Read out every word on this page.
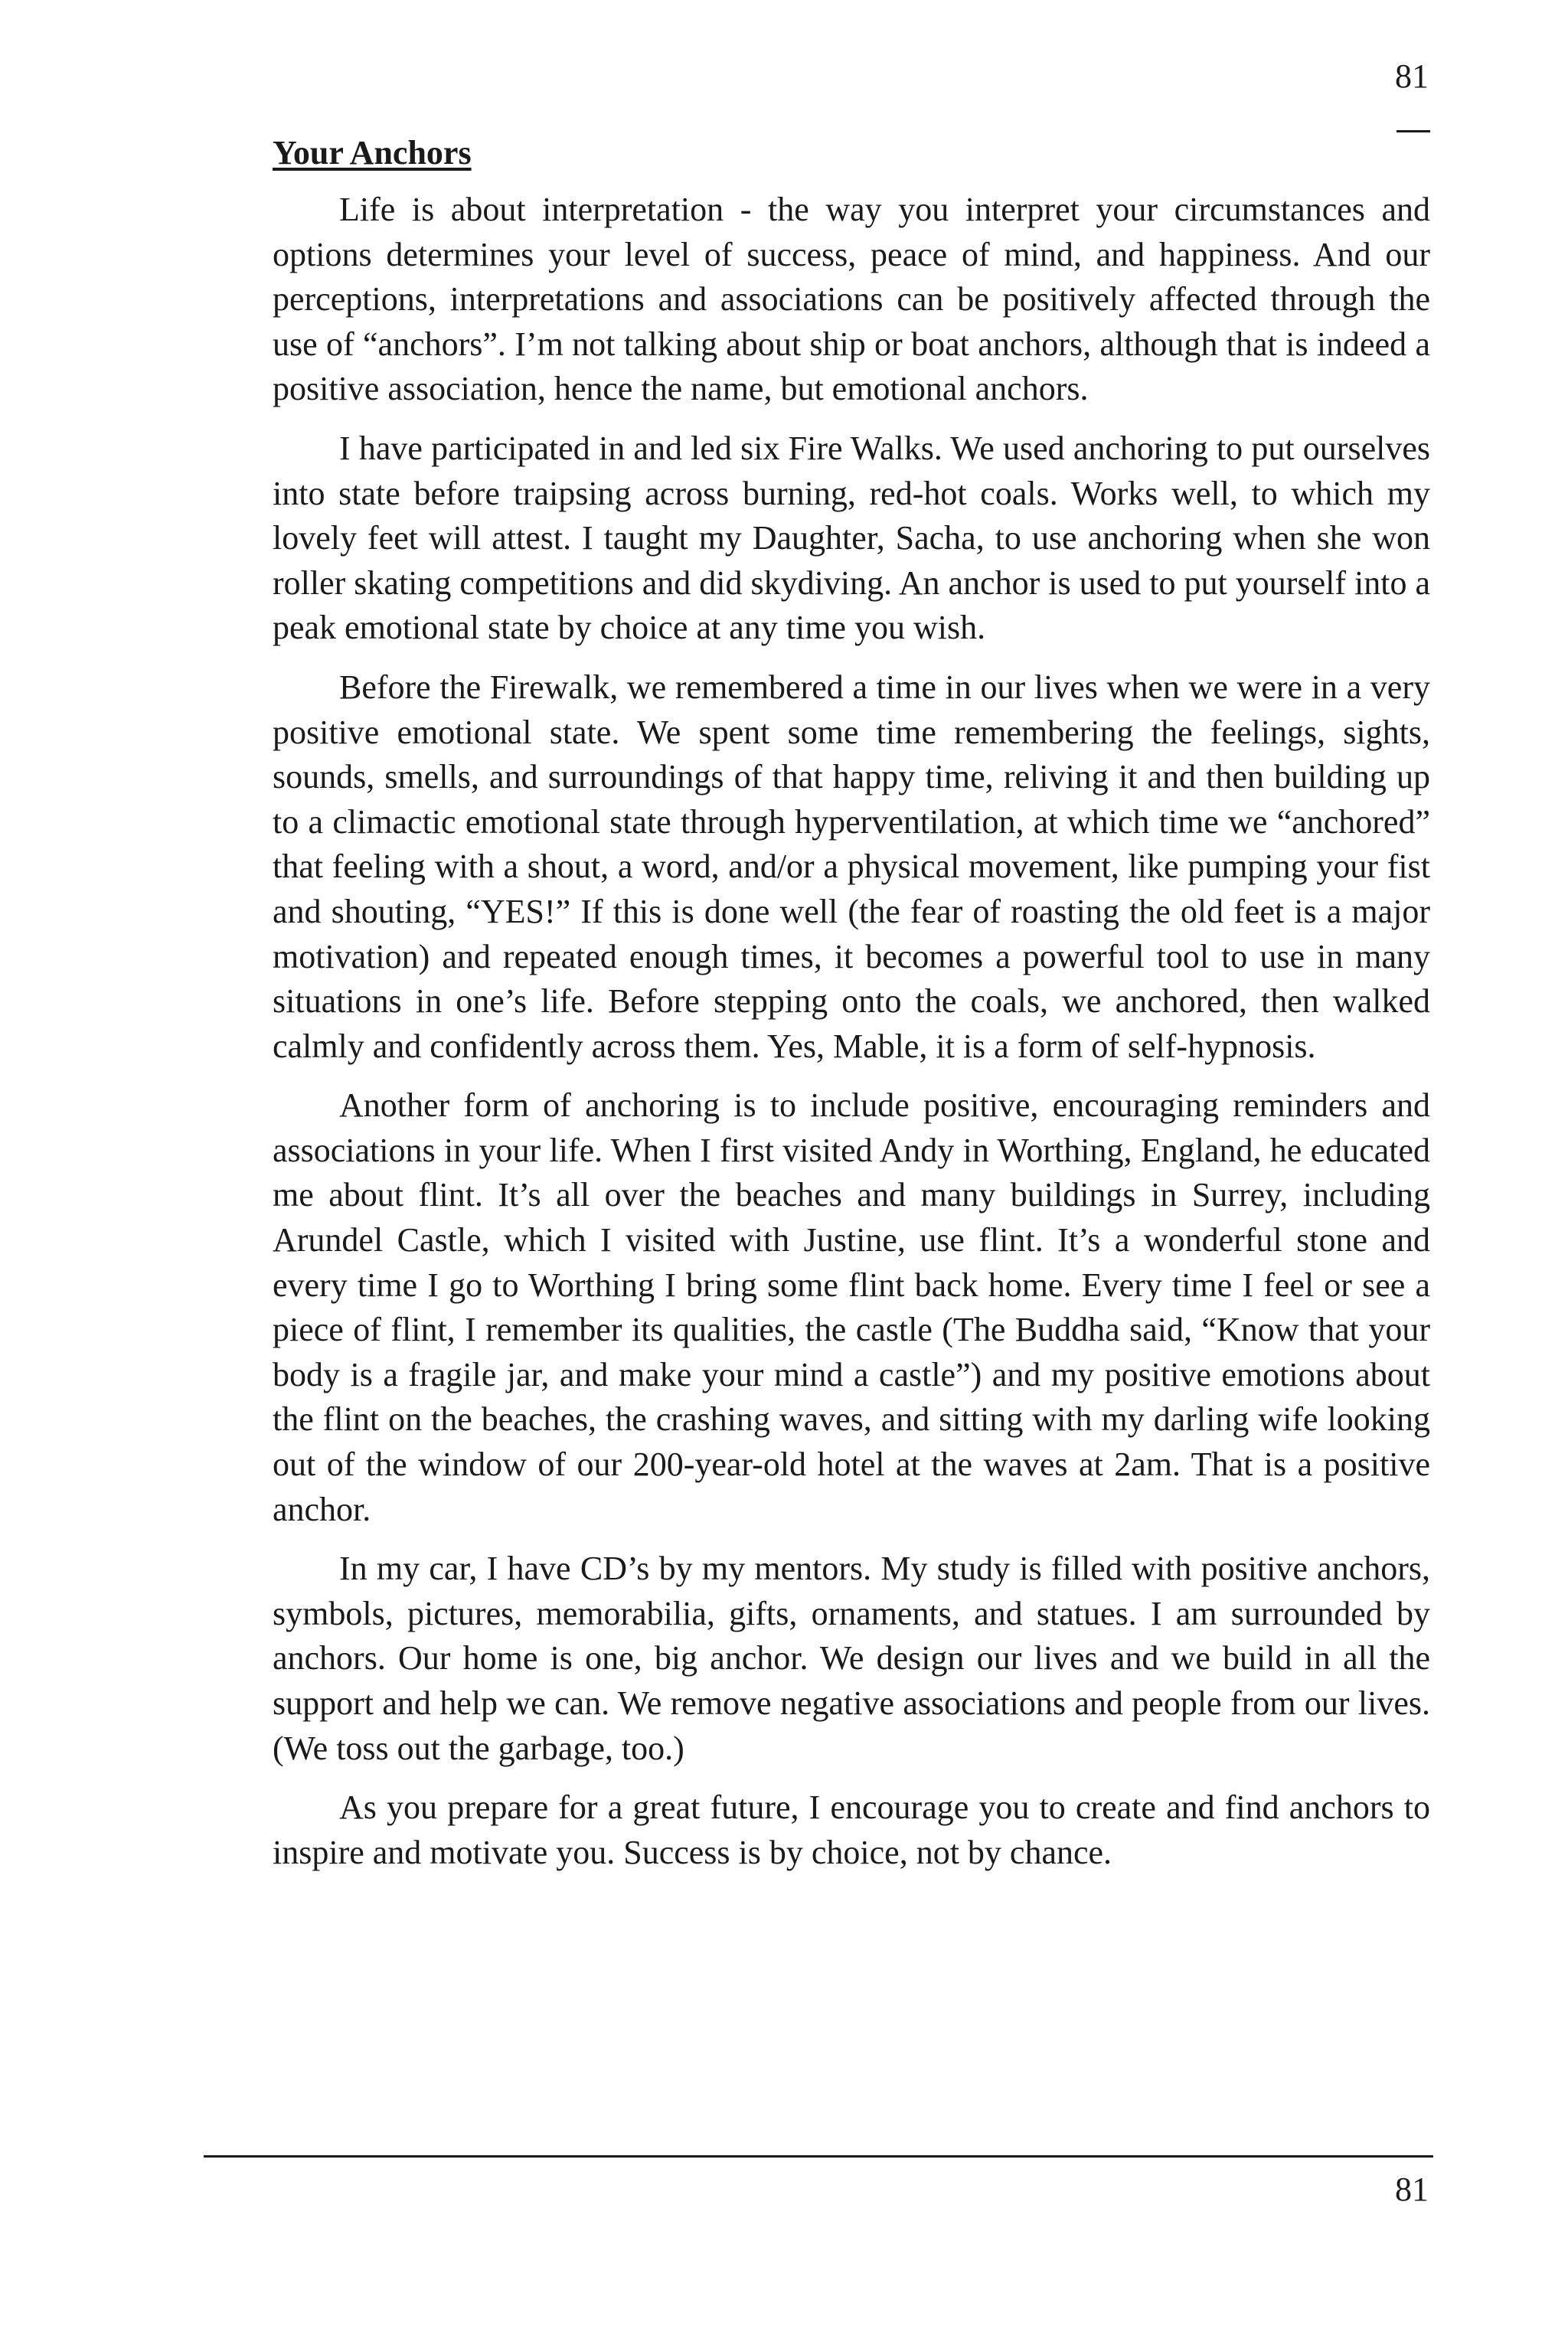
81
Your Anchors

Life is about interpretation - the way you interpret your circumstances and options determines your level of success, peace of mind, and happiness. And our perceptions, interpretations and associations can be positively affected through the use of “anchors”. I’m not talking about ship or boat anchors, although that is indeed a positive association, hence the name, but emotional anchors.

I have participated in and led six Fire Walks. We used anchoring to put ourselves into state before traipsing across burning, red-hot coals. Works well, to which my lovely feet will attest. I taught my Daughter, Sacha, to use anchoring when she won roller skating competitions and did skydiving. An anchor is used to put yourself into a peak emotional state by choice at any time you wish.

Before the Firewalk, we remembered a time in our lives when we were in a very positive emotional state. We spent some time remembering the feelings, sights, sounds, smells, and surroundings of that happy time, reliving it and then building up to a climactic emotional state through hyperventilation, at which time we “anchored” that feeling with a shout, a word, and/or a physical movement, like pumping your fist and shouting, “YES!” If this is done well (the fear of roasting the old feet is a major motivation) and repeated enough times, it becomes a powerful tool to use in many situations in one’s life. Before stepping onto the coals, we anchored, then walked calmly and confidently across them. Yes, Mable, it is a form of self-hypnosis.

Another form of anchoring is to include positive, encouraging reminders and associations in your life. When I first visited Andy in Worthing, England, he educated me about flint. It’s all over the beaches and many buildings in Surrey, including Arundel Castle, which I visited with Justine, use flint. It’s a wonderful stone and every time I go to Worthing I bring some flint back home. Every time I feel or see a piece of flint, I remember its qualities, the castle (The Buddha said, “Know that your body is a fragile jar, and make your mind a castle”) and my positive emotions about the flint on the beaches, the crashing waves, and sitting with my darling wife looking out of the window of our 200-year-old hotel at the waves at 2am. That is a positive anchor.

In my car, I have CD’s by my mentors. My study is filled with positive anchors, symbols, pictures, memorabilia, gifts, ornaments, and statues. I am surrounded by anchors. Our home is one, big anchor. We design our lives and we build in all the support and help we can. We remove negative associations and people from our lives. (We toss out the garbage, too.)

As you prepare for a great future, I encourage you to create and find anchors to inspire and motivate you. Success is by choice, not by chance.

81
